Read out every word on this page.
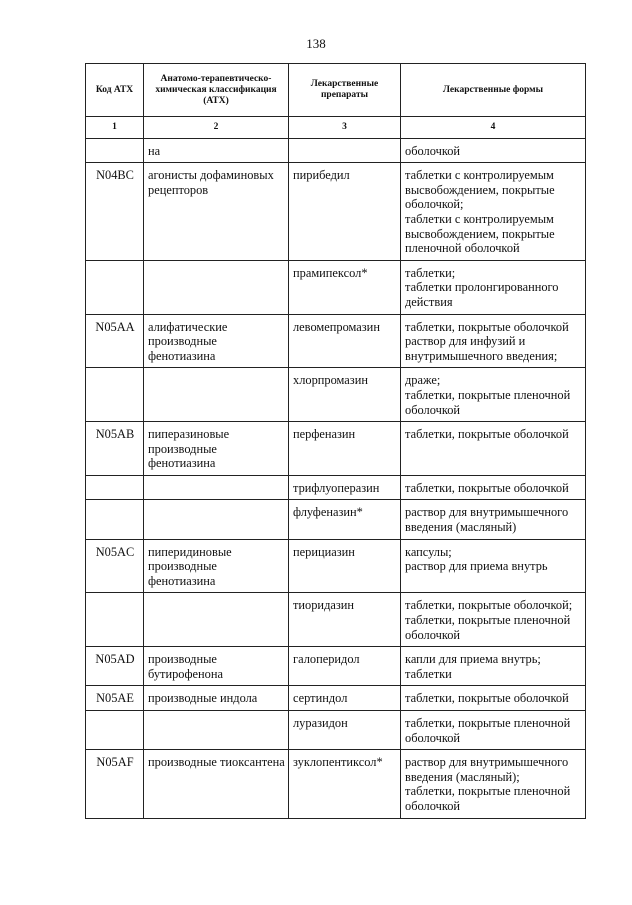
138
Код АТХ	Анатомо-терапевтическо-химическая классификация (АТХ)	Лекарственные препараты	Лекарственные формы
1	2	3	4
	на		оболочкой

N04BC	агонисты дофаминовых рецепторов	пирибедил	таблетки с контролируемым высвобождением, покрытые оболочкой;
таблетки с контролируемым высвобождением, покрытые пленочной оболочкой

		прамипексол*	таблетки;
таблетки пролонгированного действия

N05AA	алифатические производные фенотиазина	левомепромазин	таблетки, покрытые оболочкой
раствор для инфузий и внутримышечного введения;

		хлорпромазин	драже;
таблетки, покрытые пленочной оболочкой

N05AB	пиперазиновые производные фенотиазина	перфеназин	таблетки, покрытые оболочкой

		трифлуоперазин	таблетки, покрытые оболочкой

		флуфеназин*	раствор для внутримышечного введения (масляный)

N05AC	пиперидиновые производные фенотиазина	перициазин	капсулы;
раствор для приема внутрь

		тиоридазин	таблетки, покрытые оболочкой;
таблетки, покрытые пленочной оболочкой

N05AD	производные бутирофенона	галоперидол	капли для приема внутрь;
таблетки

N05AE	производные индола	сертиндол	таблетки, покрытые оболочкой

		луразидон	таблетки, покрытые пленочной оболочкой

N05AF	производные тиоксантена	зуклопентиксол*	раствор для внутримышечного введения (масляный);
таблетки, покрытые пленочной оболочкой
